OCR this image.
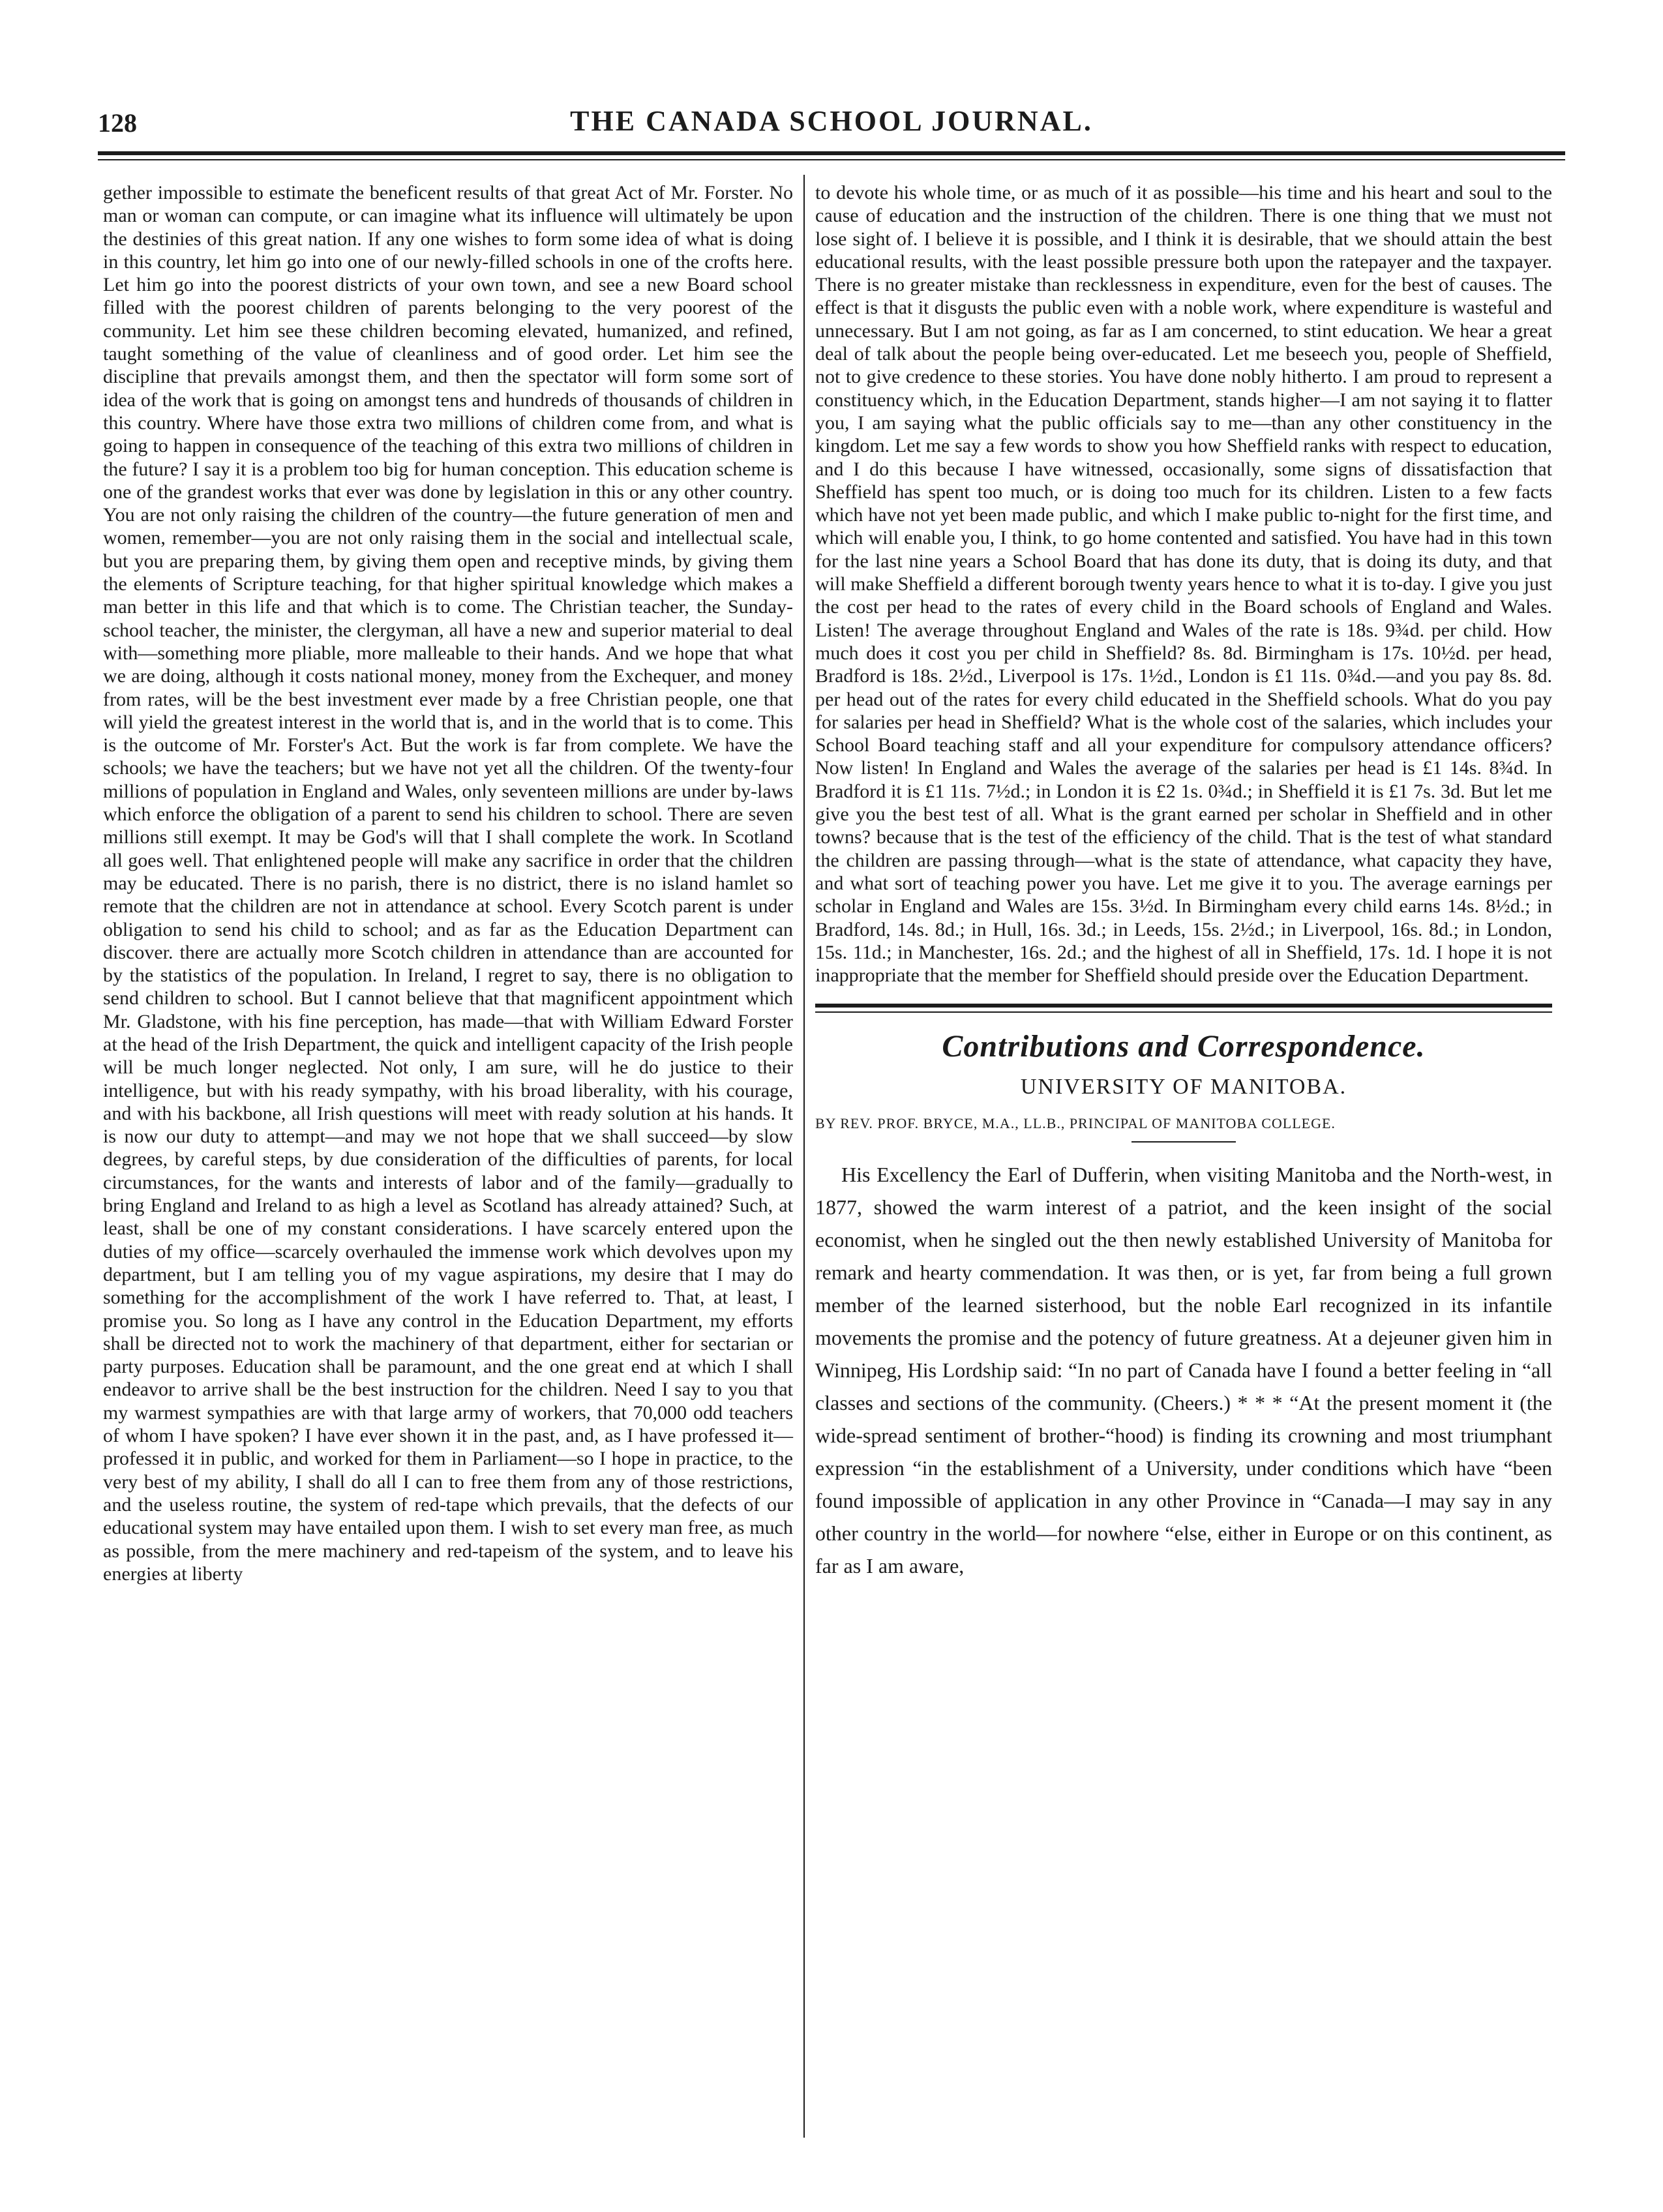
128	THE CANADA SCHOOL JOURNAL.

gether impossible to estimate the beneficent results of that great Act of Mr. Forster. No man or woman can compute, or can imagine what its influence will ultimately be upon the destinies of this great nation. If any one wishes to form some idea of what is doing in this country, let him go into one of our newly-filled schools in one of the crofts here. Let him go into the poorest districts of your own town, and see a new Board school filled with the poorest children of parents belonging to the very poorest of the community. Let him see these children becoming elevated, humanized, and refined, taught something of the value of cleanliness and of good order. Let him see the discipline that prevails amongst them, and then the spectator will form some sort of idea of the work that is going on amongst tens and hundreds of thousands of children in this country. Where have those extra two millions of children come from, and what is going to happen in consequence of the teaching of this extra two millions of children in the future? I say it is a problem too big for human conception. This education scheme is one of the grandest works that ever was done by legislation in this or any other country. You are not only raising the children of the country—the future generation of men and women, remember—you are not only raising them in the social and intellectual scale, but you are preparing them, by giving them open and receptive minds, by giving them the elements of Scripture teaching, for that higher spiritual knowledge which makes a man better in this life and that which is to come. The Christian teacher, the Sunday-school teacher, the minister, the clergyman, all have a new and superior material to deal with—something more pliable, more malleable to their hands. And we hope that what we are doing, although it costs national money, money from the Exchequer, and money from rates, will be the best investment ever made by a free Christian people, one that will yield the greatest interest in the world that is, and in the world that is to come. This is the outcome of Mr. Forster's Act. But the work is far from complete. We have the schools; we have the teachers; but we have not yet all the children. Of the twenty-four millions of population in England and Wales, only seventeen millions are under by-laws which enforce the obligation of a parent to send his children to school. There are seven millions still exempt. It may be God's will that I shall complete the work. In Scotland all goes well. That enlightened people will make any sacrifice in order that the children may be educated. There is no parish, there is no district, there is no island hamlet so remote that the children are not in attendance at school. Every Scotch parent is under obligation to send his child to school; and as far as the Education Department can discover. there are actually more Scotch children in attendance than are accounted for by the statistics of the population. In Ireland, I regret to say, there is no obligation to send children to school. But I cannot believe that that magnificent appointment which Mr. Gladstone, with his fine perception, has made—that with William Edward Forster at the head of the Irish Department, the quick and intelligent capacity of the Irish people will be much longer neglected. Not only, I am sure, will he do justice to their intelligence, but with his ready sympathy, with his broad liberality, with his courage, and with his backbone, all Irish questions will meet with ready solution at his hands. It is now our duty to attempt—and may we not hope that we shall succeed—by slow degrees, by careful steps, by due consideration of the difficulties of parents, for local circumstances, for the wants and interests of labor and of the family—gradually to bring England and Ireland to as high a level as Scotland has already attained? Such, at least, shall be one of my constant considerations. I have scarcely entered upon the duties of my office—scarcely overhauled the immense work which devolves upon my department, but I am telling you of my vague aspirations, my desire that I may do something for the accomplishment of the work I have referred to. That, at least, I promise you. So long as I have any control in the Education Department, my efforts shall be directed not to work the machinery of that department, either for sectarian or party purposes. Education shall be paramount, and the one great end at which I shall endeavor to arrive shall be the best instruction for the children. Need I say to you that my warmest sympathies are with that large army of workers, that 70,000 odd teachers of whom I have spoken? I have ever shown it in the past, and, as I have professed it—professed it in public, and worked for them in Parliament—so I hope in practice, to the very best of my ability, I shall do all I can to free them from any of those restrictions, and the useless routine, the system of red-tape which prevails, that the defects of our educational system may have entailed upon them. I wish to set every man free, as much as possible, from the mere machinery and red-tapeism of the system, and to leave his energies at liberty

to devote his whole time, or as much of it as possible—his time and his heart and soul to the cause of education and the instruction of the children. There is one thing that we must not lose sight of. I believe it is possible, and I think it is desirable, that we should attain the best educational results, with the least possible pressure both upon the ratepayer and the taxpayer. There is no greater mistake than recklessness in expenditure, even for the best of causes. The effect is that it disgusts the public even with a noble work, where expenditure is wasteful and unnecessary. But I am not going, as far as I am concerned, to stint education. We hear a great deal of talk about the people being over-educated. Let me beseech you, people of Sheffield, not to give credence to these stories. You have done nobly hitherto. I am proud to represent a constituency which, in the Education Department, stands higher—I am not saying it to flatter you, I am saying what the public officials say to me—than any other constituency in the kingdom. Let me say a few words to show you how Sheffield ranks with respect to education, and I do this because I have witnessed, occasionally, some signs of dissatisfaction that Sheffield has spent too much, or is doing too much for its children. Listen to a few facts which have not yet been made public, and which I make public to-night for the first time, and which will enable you, I think, to go home contented and satisfied. You have had in this town for the last nine years a School Board that has done its duty, that is doing its duty, and that will make Sheffield a different borough twenty years hence to what it is to-day. I give you just the cost per head to the rates of every child in the Board schools of England and Wales. Listen! The average throughout England and Wales of the rate is 18s. 9¾d. per child. How much does it cost you per child in Sheffield? 8s. 8d. Birmingham is 17s. 10½d. per head, Bradford is 18s. 2½d., Liverpool is 17s. 1½d., London is £1 11s. 0¾d.—and you pay 8s. 8d. per head out of the rates for every child educated in the Sheffield schools. What do you pay for salaries per head in Sheffield? What is the whole cost of the salaries, which includes your School Board teaching staff and all your expenditure for compulsory attendance officers? Now listen! In England and Wales the average of the salaries per head is £1 14s. 8¾d. In Bradford it is £1 11s. 7½d.; in London it is £2 1s. 0¾d.; in Sheffield it is £1 7s. 3d. But let me give you the best test of all. What is the grant earned per scholar in Sheffield and in other towns? because that is the test of the efficiency of the child. That is the test of what standard the children are passing through—what is the state of attendance, what capacity they have, and what sort of teaching power you have. Let me give it to you. The average earnings per scholar in England and Wales are 15s. 3½d. In Birmingham every child earns 14s. 8½d.; in Bradford, 14s. 8d.; in Hull, 16s. 3d.; in Leeds, 15s. 2½d.; in Liverpool, 16s. 8d.; in London, 15s. 11d.; in Manchester, 16s. 2d.; and the highest of all in Sheffield, 17s. 1d. I hope it is not inappropriate that the member for Sheffield should preside over the Education Department.

Contributions and Correspondence.
UNIVERSITY OF MANITOBA.
BY REV. PROF. BRYCE, M.A., LL.B., PRINCIPAL OF MANITOBA COLLEGE.

His Excellency the Earl of Dufferin, when visiting Manitoba and the North-west, in 1877, showed the warm interest of a patriot, and the keen insight of the social economist, when he singled out the then newly established University of Manitoba for remark and hearty commendation. It was then, or is yet, far from being a full grown member of the learned sisterhood, but the noble Earl recognized in its infantile movements the promise and the potency of future greatness. At a dejeuner given him in Winnipeg, His Lordship said: “In no part of Canada have I found a better feeling in “all classes and sections of the community. (Cheers.) * * * “At the present moment it (the wide-spread sentiment of brother-“hood) is finding its crowning and most triumphant expression “in the establishment of a University, under conditions which have “been found impossible of application in any other Province in “Canada—I may say in any other country in the world—for nowhere “else, either in Europe or on this continent, as far as I am aware,
